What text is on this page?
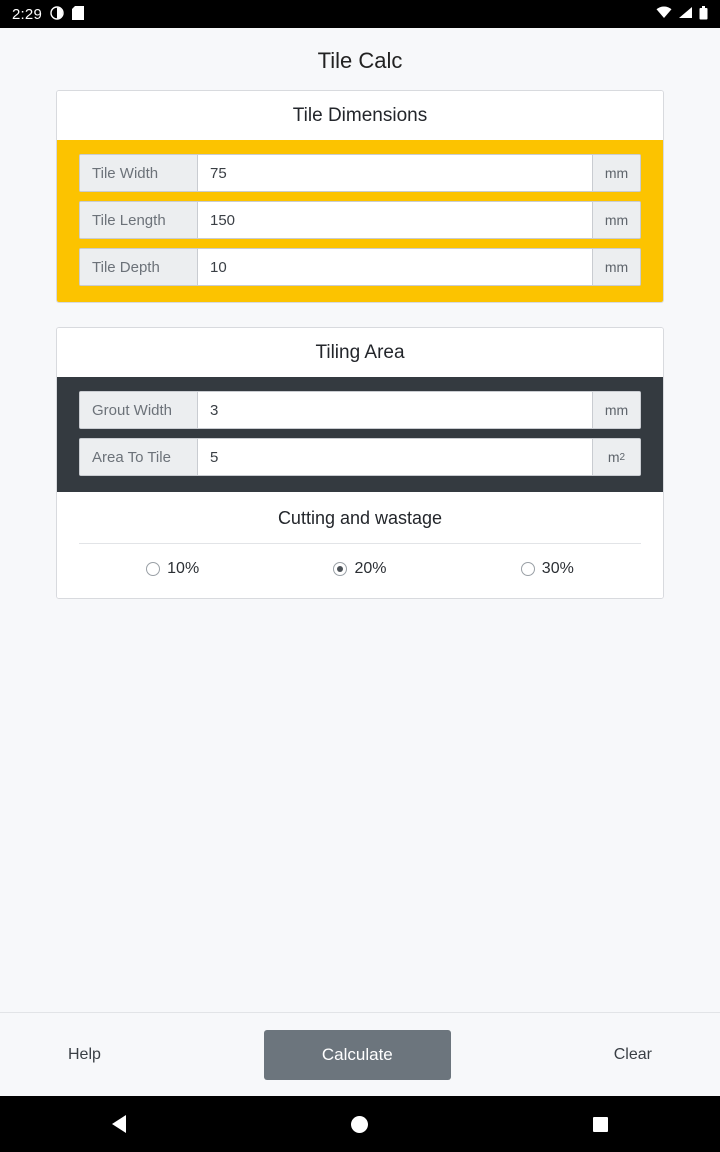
2:29
Tile Calc
Tile Dimensions
Tile Width
75	mm
Tile Length
150	mm
Tile Depth
10	mm
Tiling Area
Grout Width
3	mm
Area To Tile
5	m 2
Cutting and wastage
10%	20%	30%
Help	Calculate	Clear
